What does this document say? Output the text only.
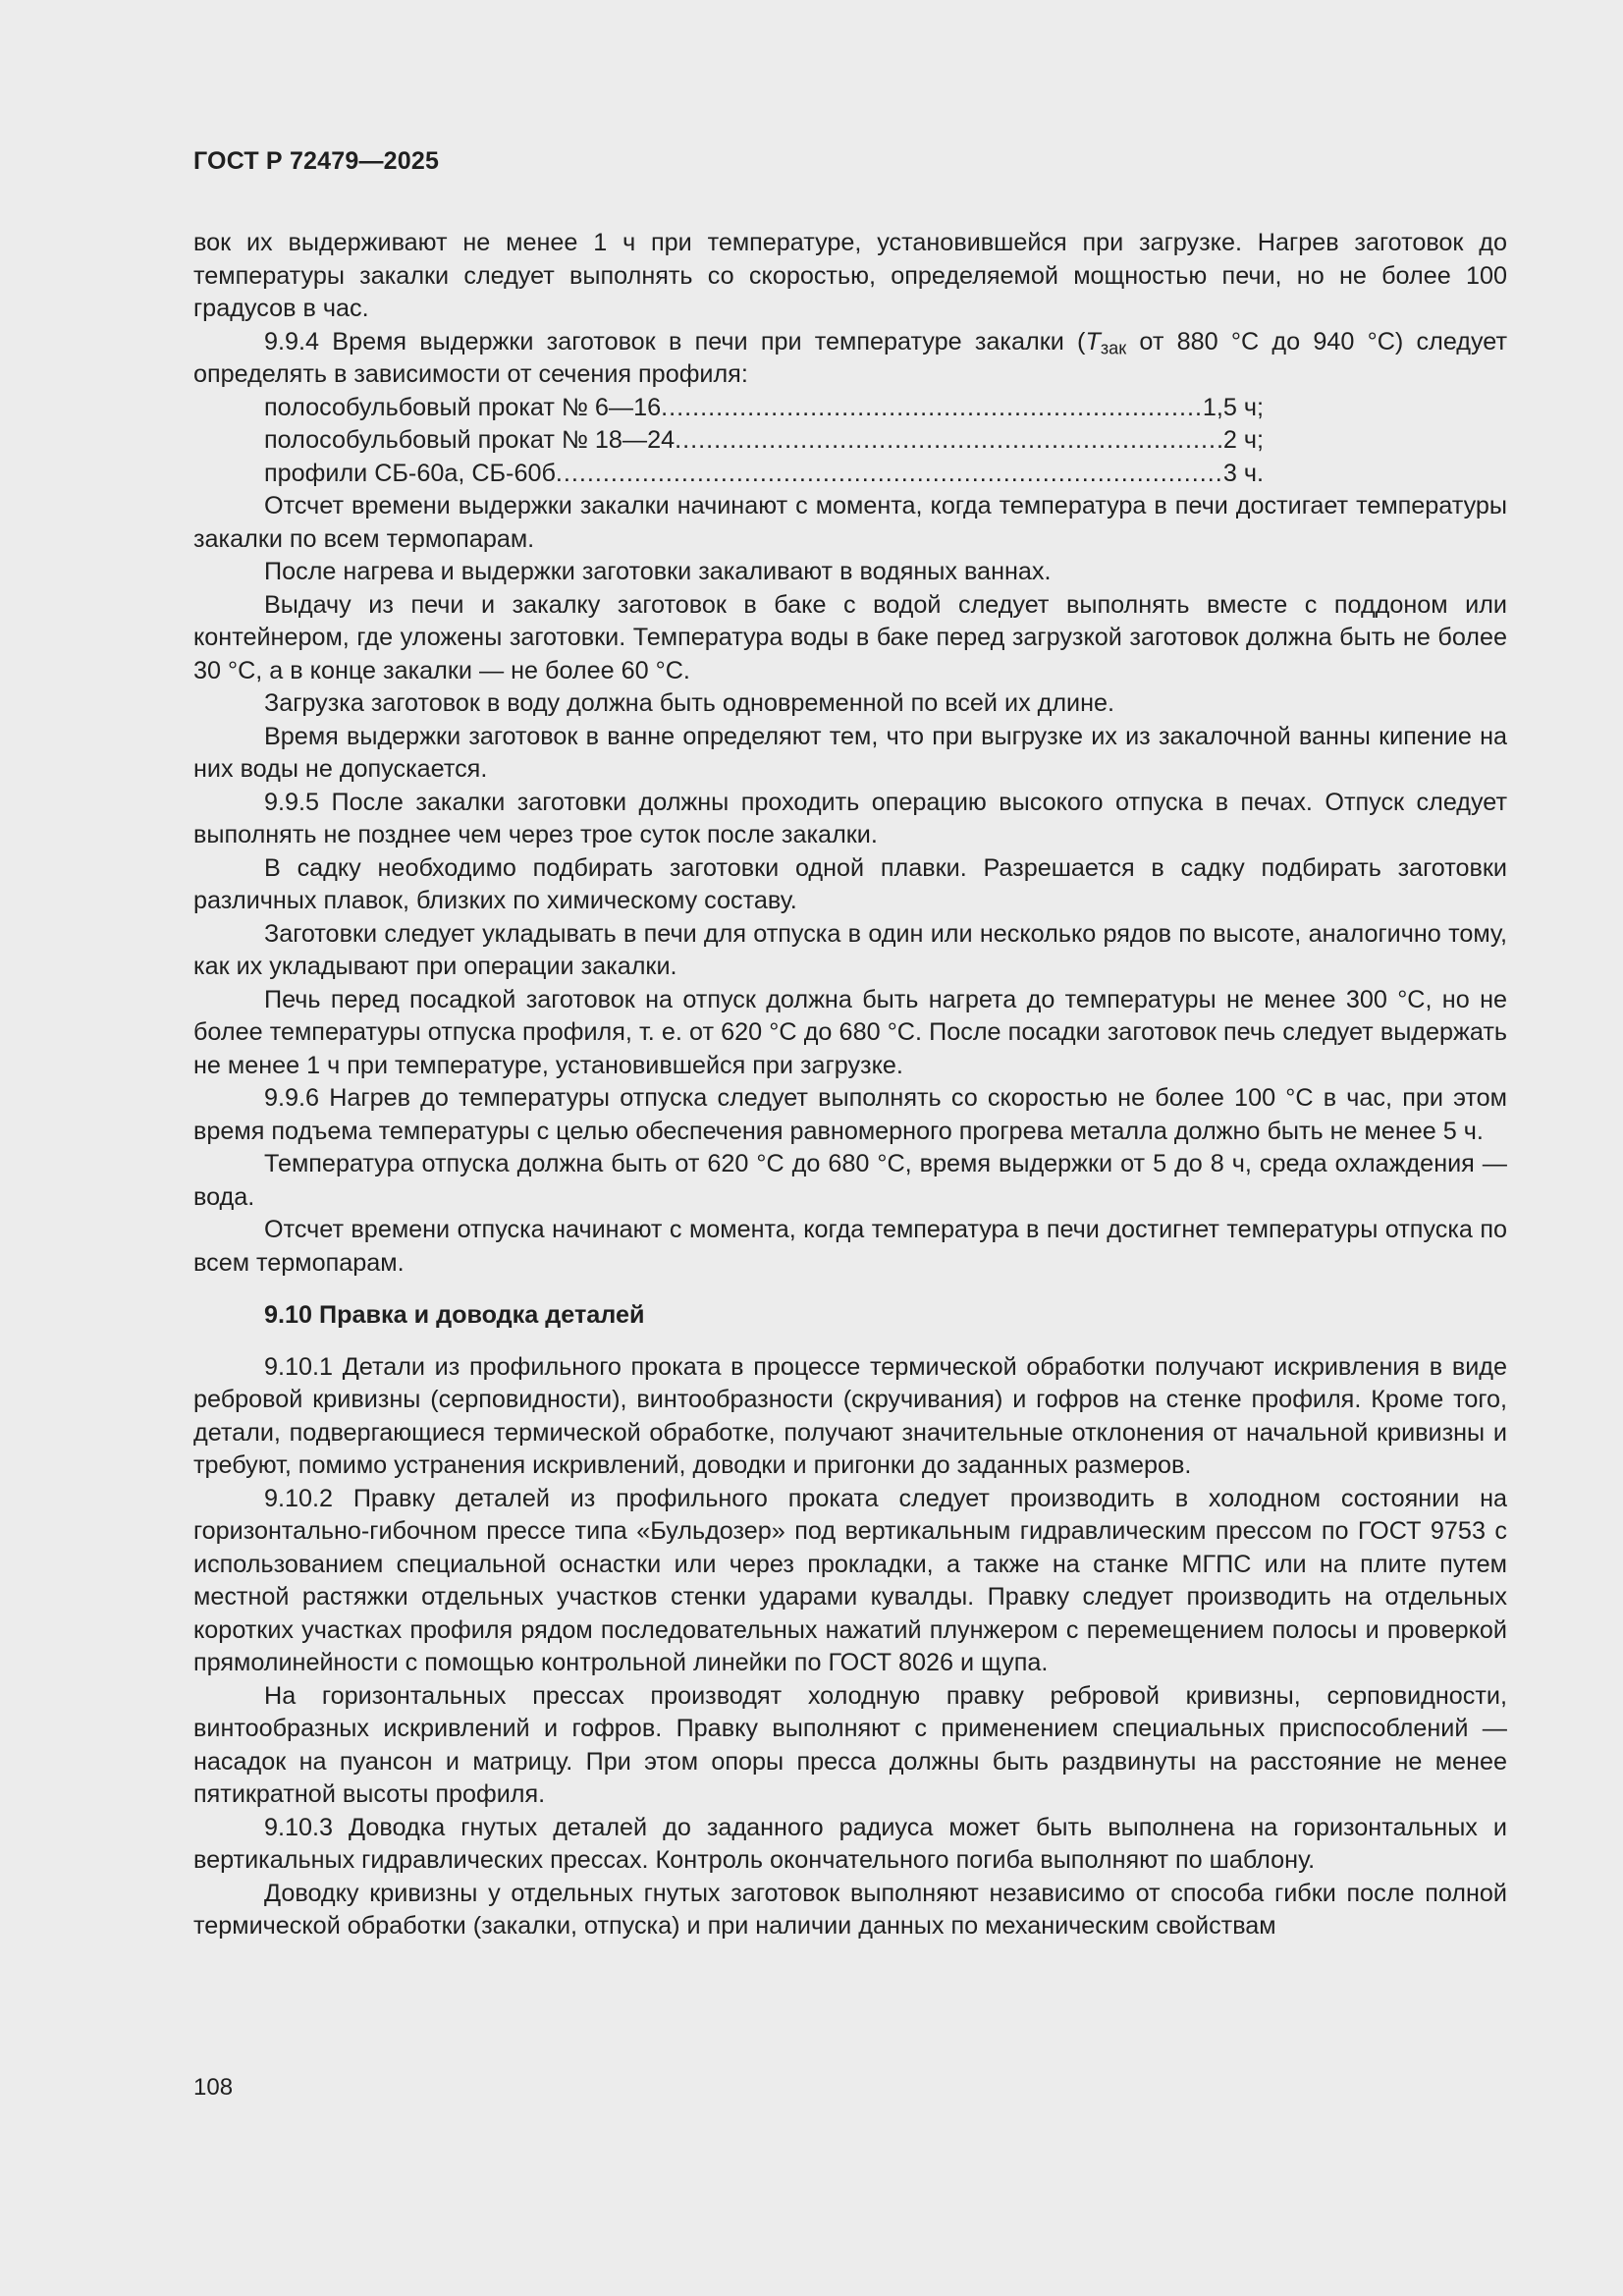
ГОСТ Р 72479—2025

вок их выдерживают не менее 1 ч при температуре, установившейся при загрузке. Нагрев заготовок до температуры закалки следует выполнять со скоростью, определяемой мощностью печи, но не более 100 градусов в час.

9.9.4 Время выдержки заготовок в печи при температуре закалки ($T_{зак}$ от 880 °C до 940 °C) следует определять в зависимости от сечения профиля:

полособульбовый прокат № 6—16 .....	1,5 ч;
полособульбовый прокат № 18—24 .....	2 ч;
профили СБ-60а, СБ-60б .....	3 ч.

Отсчет времени выдержки закалки начинают с момента, когда температура в печи достигает температуры закалки по всем термопарам.

После нагрева и выдержки заготовки закаливают в водяных ваннах.

Выдачу из печи и закалку заготовок в баке с водой следует выполнять вместе с поддоном или контейнером, где уложены заготовки. Температура воды в баке перед загрузкой заготовок должна быть не более 30 °C, а в конце закалки — не более 60 °C.

Загрузка заготовок в воду должна быть одновременной по всей их длине.

Время выдержки заготовок в ванне определяют тем, что при выгрузке их из закалочной ванны кипение на них воды не допускается.

9.9.5 После закалки заготовки должны проходить операцию высокого отпуска в печах. Отпуск следует выполнять не позднее чем через трое суток после закалки.

В садку необходимо подбирать заготовки одной плавки. Разрешается в садку подбирать заготовки различных плавок, близких по химическому составу.

Заготовки следует укладывать в печи для отпуска в один или несколько рядов по высоте, аналогично тому, как их укладывают при операции закалки.

Печь перед посадкой заготовок на отпуск должна быть нагрета до температуры не менее 300 °C, но не более температуры отпуска профиля, т. е. от 620 °C до 680 °C. После посадки заготовок печь следует выдержать не менее 1 ч при температуре, установившейся при загрузке.

9.9.6 Нагрев до температуры отпуска следует выполнять со скоростью не более 100 °C в час, при этом время подъема температуры с целью обеспечения равномерного прогрева металла должно быть не менее 5 ч.

Температура отпуска должна быть от 620 °C до 680 °C, время выдержки от 5 до 8 ч, среда охлаждения — вода.

Отсчет времени отпуска начинают с момента, когда температура в печи достигнет температуры отпуска по всем термопарам.

9.10 Правка и доводка деталей

9.10.1 Детали из профильного проката в процессе термической обработки получают искривления в виде ребровой кривизны (серповидности), винтообразности (скручивания) и гофров на стенке профиля. Кроме того, детали, подвергающиеся термической обработке, получают значительные отклонения от начальной кривизны и требуют, помимо устранения искривлений, доводки и пригонки до заданных размеров.

9.10.2 Правку деталей из профильного проката следует производить в холодном состоянии на горизонтально-гибочном прессе типа «Бульдозер» под вертикальным гидравлическим прессом по ГОСТ 9753 с использованием специальной оснастки или через прокладки, а также на станке МГПС или на плите путем местной растяжки отдельных участков стенки ударами кувалды. Правку следует производить на отдельных коротких участках профиля рядом последовательных нажатий плунжером с перемещением полосы и проверкой прямолинейности с помощью контрольной линейки по ГОСТ 8026 и щупа.

На горизонтальных прессах производят холодную правку ребровой кривизны, серповидности, винтообразных искривлений и гофров. Правку выполняют с применением специальных приспособлений — насадок на пуансон и матрицу. При этом опоры пресса должны быть раздвинуты на расстояние не менее пятикратной высоты профиля.

9.10.3 Доводка гнутых деталей до заданного радиуса может быть выполнена на горизонтальных и вертикальных гидравлических прессах. Контроль окончательного погиба выполняют по шаблону.

Доводку кривизны у отдельных гнутых заготовок выполняют независимо от способа гибки после полной термической обработки (закалки, отпуска) и при наличии данных по механическим свойствам

108
